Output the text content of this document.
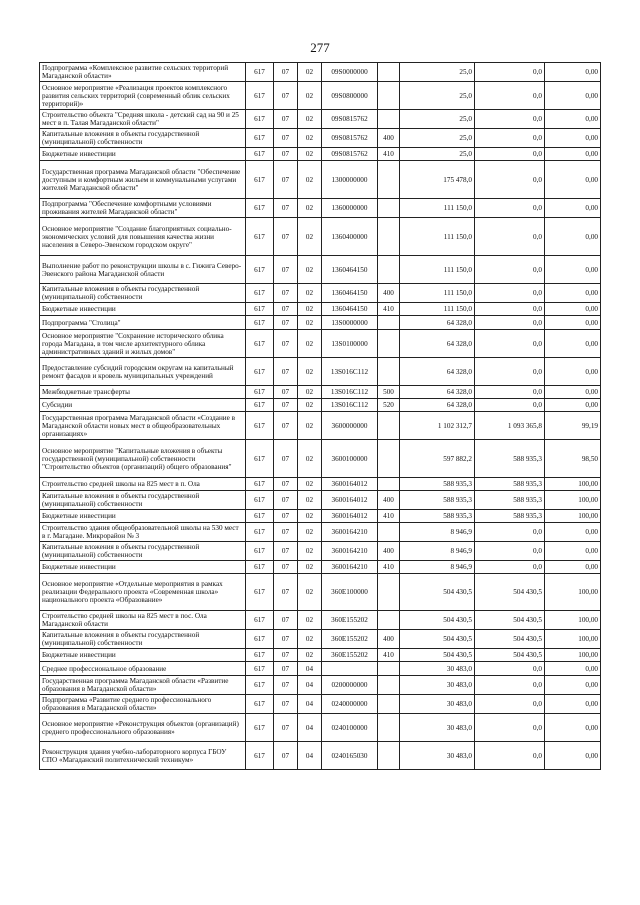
277
Подпрограмма «Комплексное развитие сельских территорий Магаданской области»	617	07	02	09S0000000		25,0	0,0	0,00
Основное мероприятие «Реализация проектов комплексного развития сельских территорий (современный облик сельских территорий)»	617	07	02	09S0800000		25,0	0,0	0,00
Строительство объекта "Средняя школа - детский сад на 90 и 25 мест в п. Талая Магаданской области"	617	07	02	09S0815762		25,0	0,0	0,00
Капитальные вложения в объекты государственной (муниципальной) собственности	617	07	02	09S0815762	400	25,0	0,0	0,00
Бюджетные инвестиции	617	07	02	09S0815762	410	25,0	0,0	0,00
Государственная программа Магаданской области "Обеспечение доступным и комфортным жильем и коммунальными услугами жителей Магаданской области"	617	07	02	1300000000		175 478,0	0,0	0,00
Подпрограмма "Обеспечение комфортными условиями проживания жителей Магаданской области"	617	07	02	1360000000		111 150,0	0,0	0,00
Основное мероприятие "Создание благоприятных социально-экономических условий для повышения качества жизни населения в Северо-Эвенском городском округе"	617	07	02	1360400000		111 150,0	0,0	0,00
Выполнение работ по реконструкции школы в с. Гижига Северо-Эвенского района Магаданской области	617	07	02	1360464150		111 150,0	0,0	0,00
Капитальные вложения в объекты государственной (муниципальной) собственности	617	07	02	1360464150	400	111 150,0	0,0	0,00
Бюджетные инвестиции	617	07	02	1360464150	410	111 150,0	0,0	0,00
Подпрограмма "Столица"	617	07	02	13S0000000		64 328,0	0,0	0,00
Основное мероприятие "Сохранение исторического облика города Магадана, в том числе архитектурного облика административных зданий и жилых домов"	617	07	02	13S0100000		64 328,0	0,0	0,00
Предоставление субсидий городским округам на капитальный ремонт фасадов и кровель муниципальных учреждений	617	07	02	13S016C112		64 328,0	0,0	0,00
Межбюджетные трансферты	617	07	02	13S016C112	500	64 328,0	0,0	0,00
Субсидии	617	07	02	13S016C112	520	64 328,0	0,0	0,00
Государственная программа Магаданской области «Создание в Магаданской области новых мест в общеобразовательных организациях»	617	07	02	3600000000		1 102 312,7	1 093 365,8	99,19
Основное мероприятие "Капитальные вложения в объекты государственной (муниципальной) собственности "Строительство объектов (организаций) общего образования"	617	07	02	3600100000		597 882,2	588 935,3	98,50
Строительство средней школы на 825 мест в п. Ола	617	07	02	3600164012		588 935,3	588 935,3	100,00
Капитальные вложения в объекты государственной (муниципальной) собственности	617	07	02	3600164012	400	588 935,3	588 935,3	100,00
Бюджетные инвестиции	617	07	02	3600164012	410	588 935,3	588 935,3	100,00
Строительство здания общеобразовательной школы на 530 мест в г. Магадане. Микрорайон № 3	617	07	02	3600164210		8 946,9	0,0	0,00
Капитальные вложения в объекты государственной (муниципальной) собственности	617	07	02	3600164210	400	8 946,9	0,0	0,00
Бюджетные инвестиции	617	07	02	3600164210	410	8 946,9	0,0	0,00
Основное мероприятие «Отдельные мероприятия в рамках реализации Федерального проекта «Современная школа» национального проекта «Образование»	617	07	02	360E100000		504 430,5	504 430,5	100,00
Строительство средней школы на 825 мест в пос. Ола Магаданской области	617	07	02	360E155202		504 430,5	504 430,5	100,00
Капитальные вложения в объекты государственной (муниципальной) собственности	617	07	02	360E155202	400	504 430,5	504 430,5	100,00
Бюджетные инвестиции	617	07	02	360E155202	410	504 430,5	504 430,5	100,00
Среднее профессиональное образование	617	07	04			30 483,0	0,0	0,00
Государственная программа Магаданской области «Развитие образования в Магаданской области»	617	07	04	0200000000		30 483,0	0,0	0,00
Подпрограмма «Развитие среднего профессионального образования в Магаданской области»	617	07	04	0240000000		30 483,0	0,0	0,00
Основное мероприятие «Реконструкция объектов (организаций) среднего профессионального образования»	617	07	04	0240100000		30 483,0	0,0	0,00
Реконструкция здания учебно-лабораторного корпуса ГБОУ СПО «Магаданский политехнический техникум»	617	07	04	0240165030		30 483,0	0,0	0,00
